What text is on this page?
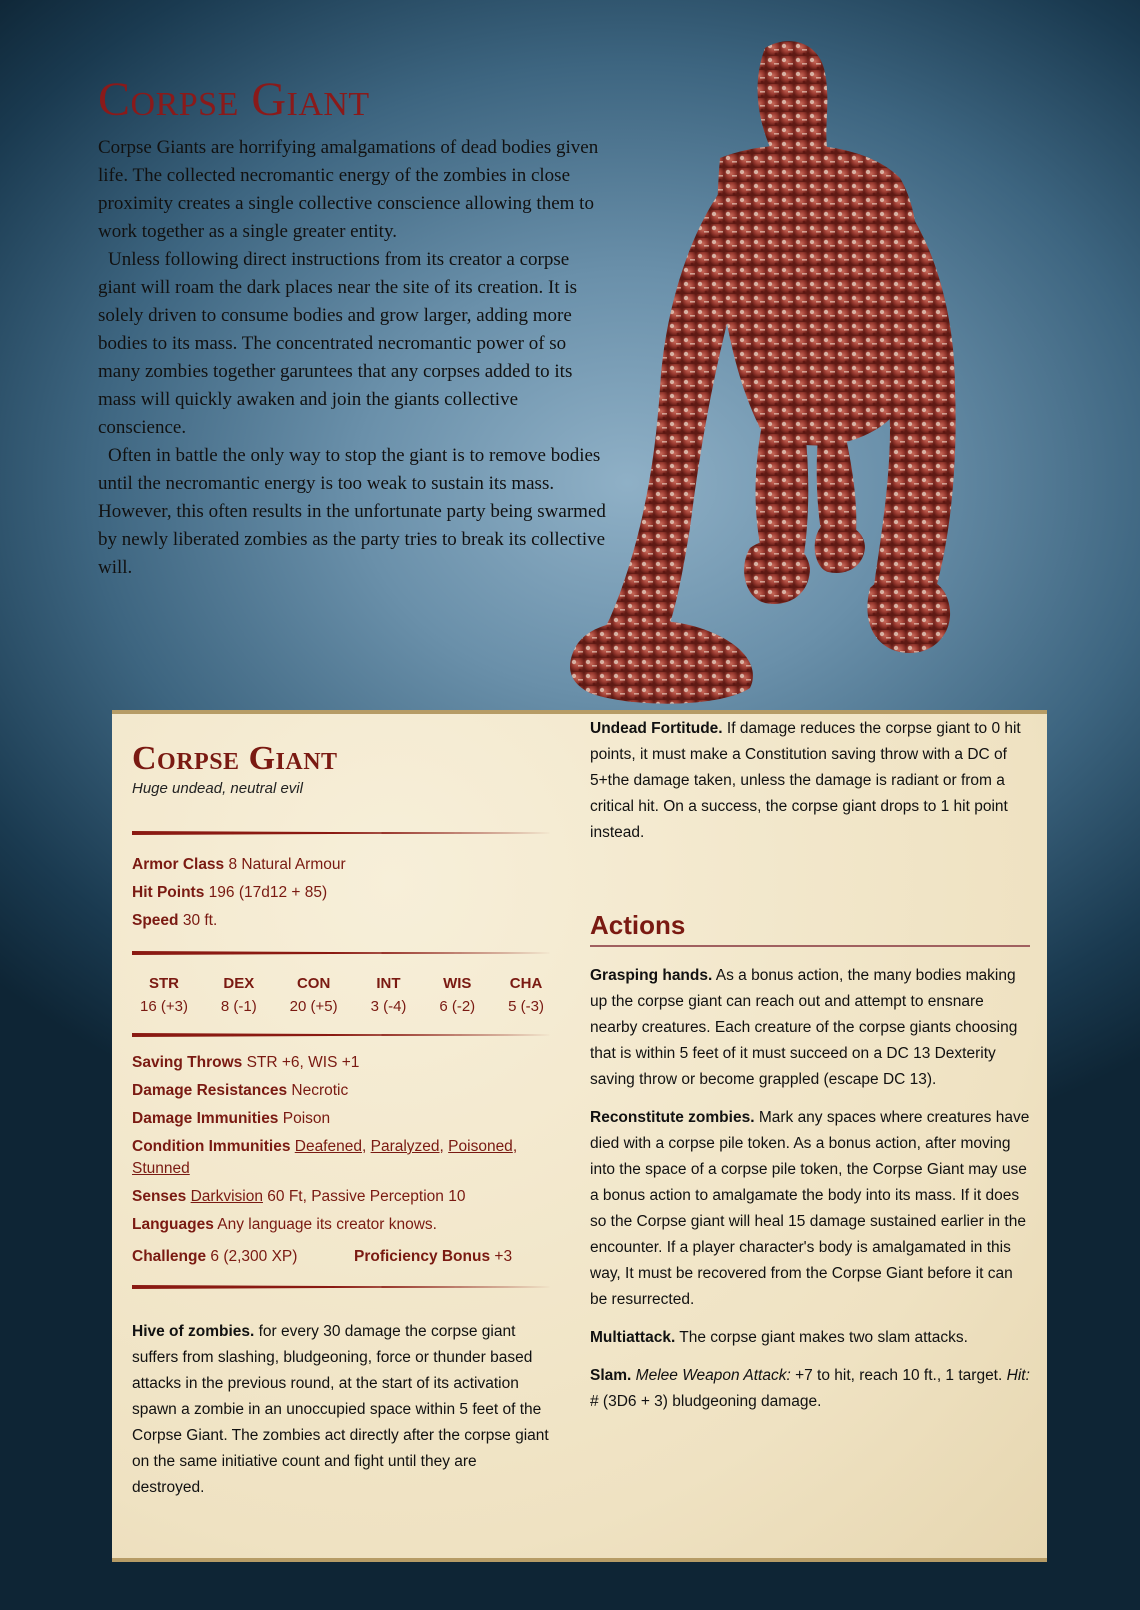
Corpse Giant

Corpse Giants are horrifying amalgamations of dead bodies given life. The collected necromantic energy of the zombies in close proximity creates a single collective conscience allowing them to work together as a single greater entity.

Unless following direct instructions from its creator a corpse giant will roam the dark places near the site of its creation. It is solely driven to consume bodies and grow larger, adding more bodies to its mass. The concentrated necromantic power of so many zombies together garuntees that any corpses added to its mass will quickly awaken and join the giants collective conscience.

Often in battle the only way to stop the giant is to remove bodies until the necromantic energy is too weak to sustain its mass. However, this often results in the unfortunate party being swarmed by newly liberated zombies as the party tries to break its collective will.

Corpse Giant
Huge undead, neutral evil
Armor Class 8 Natural Armour
Hit Points 196 (17d12 + 85)
Speed 30 ft.
STR
16 (+3)
DEX
8 (-1)
CON
20 (+5)
INT
3 (-4)
WIS
6 (-2)
CHA
5 (-3)
Saving Throws STR +6, WIS +1
Damage Resistances Necrotic
Damage Immunities Poison
Condition Immunities Deafened, Paralyzed, Poisoned, Stunned
Senses Darkvision 60 Ft, Passive Perception 10
Languages Any language its creator knows.
Challenge 6 (2,300 XP)	Proficiency Bonus +3

Hive of zombies. for every 30 damage the corpse giant suffers from slashing, bludgeoning, force or thunder based attacks in the previous round, at the start of its activation spawn a zombie in an unoccupied space within 5 feet of the Corpse Giant. The zombies act directly after the corpse giant on the same initiative count and fight until they are destroyed.

Undead Fortitude. If damage reduces the corpse giant to 0 hit points, it must make a Constitution saving throw with a DC of 5+the damage taken, unless the damage is radiant or from a critical hit. On a success, the corpse giant drops to 1 hit point instead.

Actions

Grasping hands. As a bonus action, the many bodies making up the corpse giant can reach out and attempt to ensnare nearby creatures. Each creature of the corpse giants choosing that is within 5 feet of it must succeed on a DC 13 Dexterity saving throw or become grappled (escape DC 13).

Reconstitute zombies. Mark any spaces where creatures have died with a corpse pile token. As a bonus action, after moving into the space of a corpse pile token, the Corpse Giant may use a bonus action to amalgamate the body into its mass. If it does so the Corpse giant will heal 15 damage sustained earlier in the encounter. If a player character's body is amalgamated in this way, It must be recovered from the Corpse Giant before it can be resurrected.

Multiattack. The corpse giant makes two slam attacks.

Slam. Melee Weapon Attack: +7 to hit, reach 10 ft., 1 target. Hit: # (3D6 + 3) bludgeoning damage.
